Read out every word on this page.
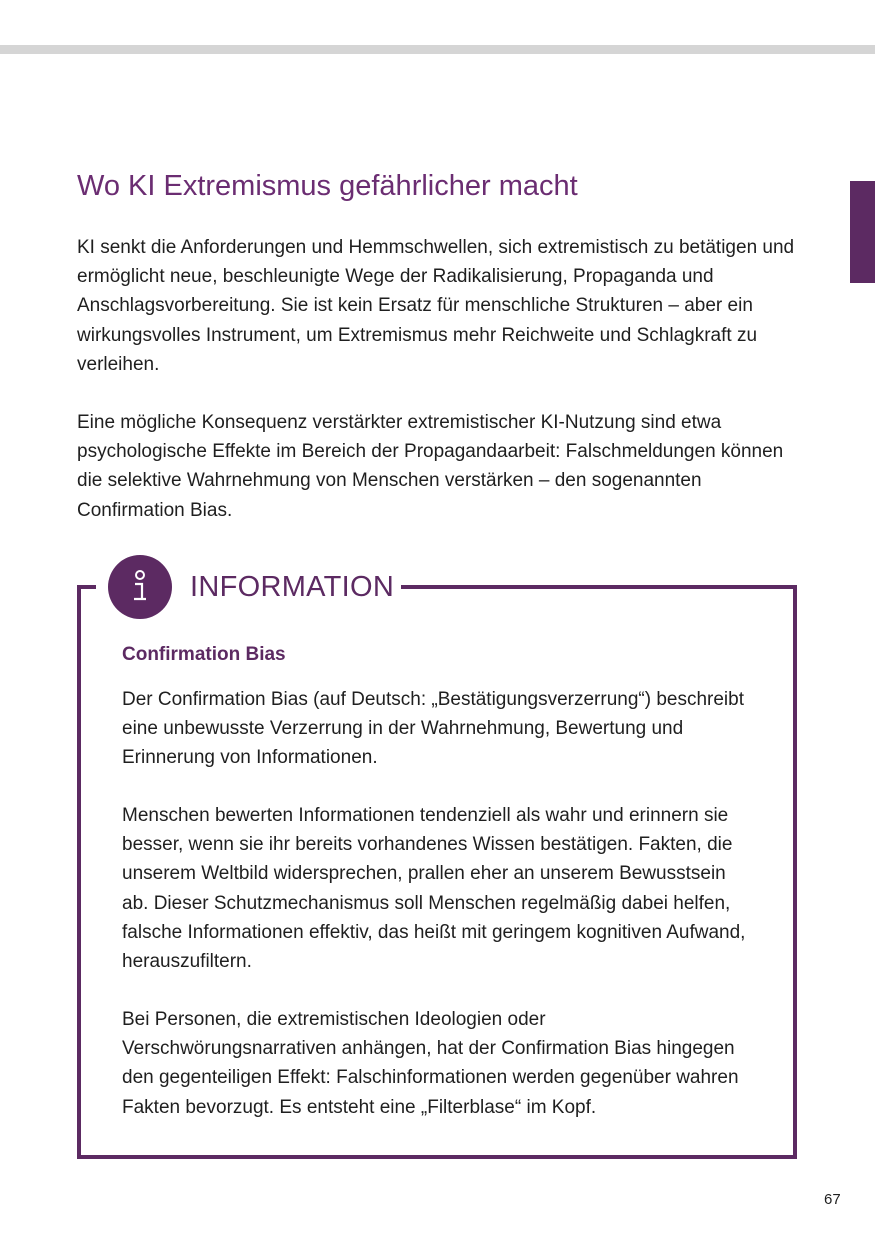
Wo KI Extremismus gefährlicher macht

KI senkt die Anforderungen und Hemmschwellen, sich extremistisch zu betätigen und ermöglicht neue, beschleunigte Wege der Radikalisierung, Propaganda und Anschlagsvorbereitung. Sie ist kein Ersatz für menschliche Strukturen – aber ein wirkungsvolles Instrument, um Extremismus mehr Reichweite und Schlagkraft zu verleihen.

Eine mögliche Konsequenz verstärkter extremistischer KI-Nutzung sind etwa psychologische Effekte im Bereich der Propagandaarbeit: Falschmeldungen können die selektive Wahrnehmung von Menschen verstärken – den sogenannten Confirmation Bias.

INFORMATION
Confirmation Bias

Der Confirmation Bias (auf Deutsch: „Bestätigungsverzerrung“) beschreibt eine unbewusste Verzerrung in der Wahrnehmung, Bewertung und Erinnerung von Informationen.

Menschen bewerten Informationen tendenziell als wahr und erinnern sie besser, wenn sie ihr bereits vorhandenes Wissen bestätigen. Fakten, die unserem Weltbild widersprechen, prallen eher an unserem Bewusstsein ab. Dieser Schutzmechanismus soll Menschen regelmäßig dabei helfen, falsche Informationen effektiv, das heißt mit geringem kognitiven Aufwand, herauszufiltern.

Bei Personen, die extremistischen Ideologien oder Verschwörungsnarrativen anhängen, hat der Confirmation Bias hingegen den gegenteiligen Effekt: Falschinformationen werden gegenüber wahren Fakten bevorzugt. Es entsteht eine „Filterblase“ im Kopf.

67
